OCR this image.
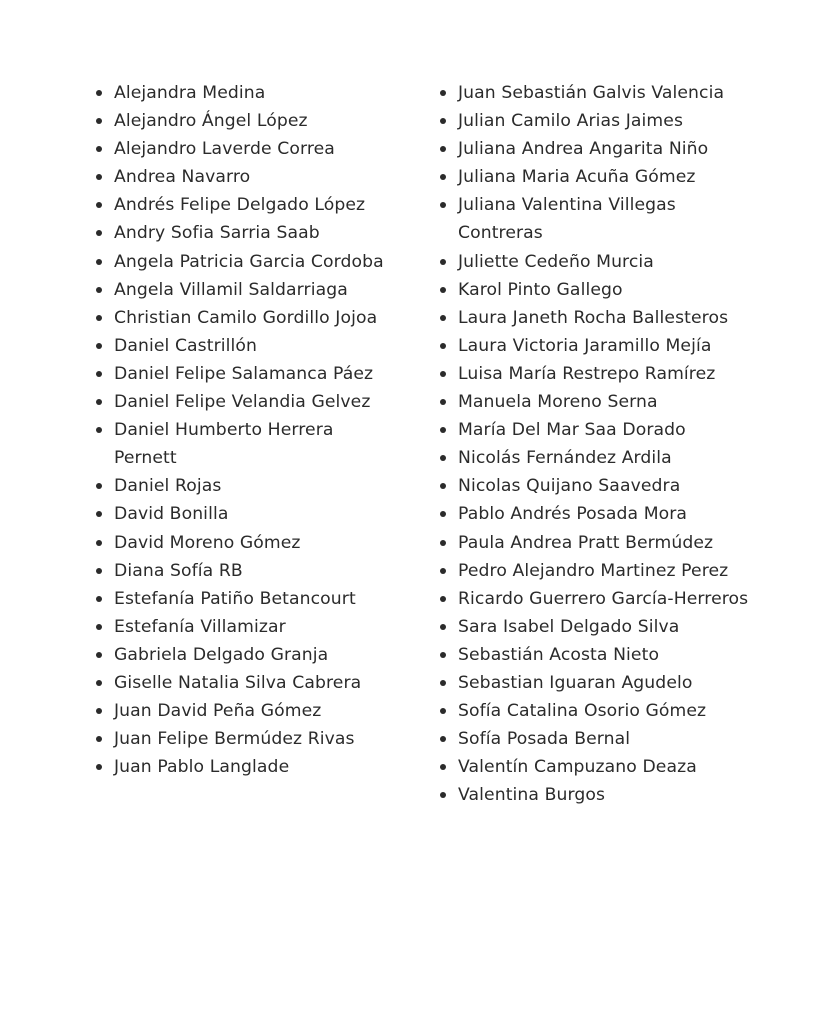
Alejandra Medina
Alejandro Ángel López
Alejandro Laverde Correa
Andrea Navarro
Andrés Felipe Delgado López
Andry Sofia Sarria Saab
Angela Patricia Garcia Cordoba
Angela Villamil Saldarriaga
Christian Camilo Gordillo Jojoa
Daniel Castrillón
Daniel Felipe Salamanca Páez
Daniel Felipe Velandia Gelvez
Daniel Humberto Herrera Pernett
Daniel Rojas
David Bonilla
David Moreno Gómez
Diana Sofía RB
Estefanía Patiño Betancourt
Estefanía Villamizar
Gabriela Delgado Granja
Giselle Natalia Silva Cabrera
Juan David Peña Gómez
Juan Felipe Bermúdez Rivas
Juan Pablo Langlade
Juan Sebastián Galvis Valencia
Julian Camilo Arias Jaimes
Juliana Andrea Angarita Niño
Juliana Maria Acuña Gómez
Juliana Valentina Villegas Contreras
Juliette Cedeño Murcia
Karol Pinto Gallego
Laura Janeth Rocha Ballesteros
Laura Victoria Jaramillo Mejía
Luisa María Restrepo Ramírez
Manuela Moreno Serna
María Del Mar Saa Dorado
Nicolás Fernández Ardila
Nicolas Quijano Saavedra
Pablo Andrés Posada Mora
Paula Andrea Pratt Bermúdez
Pedro Alejandro Martinez Perez
Ricardo Guerrero García-Herreros
Sara Isabel Delgado Silva
Sebastián Acosta Nieto
Sebastian Iguaran Agudelo
Sofía Catalina Osorio Gómez
Sofía Posada Bernal
Valentín Campuzano Deaza
Valentina Burgos
